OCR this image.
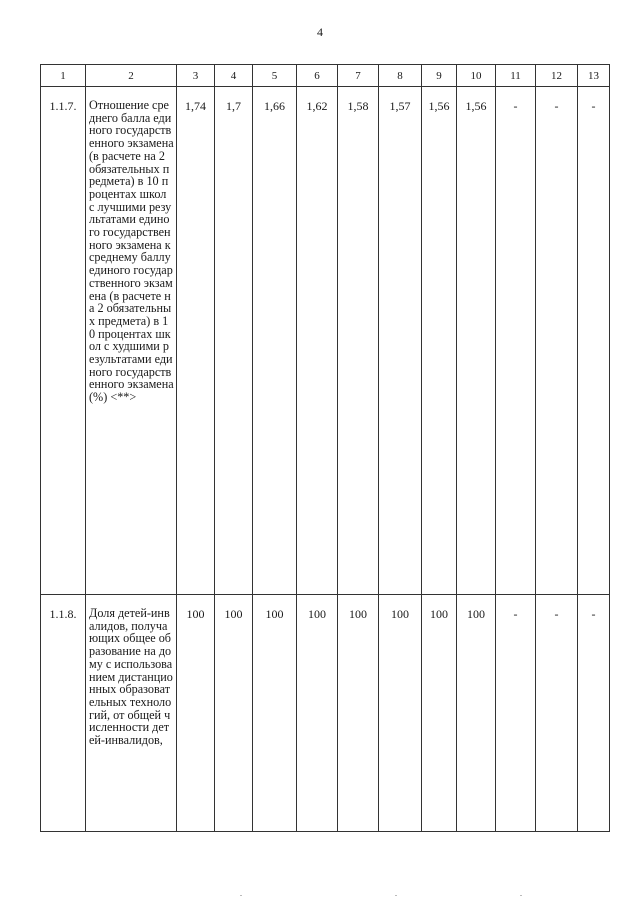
4
1	2	3	4	5	6	7	8	9	10	11	12	13
1.1.7.	Отношение среднего балла единого государственного экзамена (в расчете на 2 обязательных предмета) в 10 процентах школ с лучшими результатами единого государственного экзамена к среднему баллу единого государственного экзамена (в расчете на 2 обязательных предмета) в 10 процентах школ с худшими результатами единого государственного экзамена (%) <**>	1,74	1,7	1,66	1,62	1,58	1,57	1,56	1,56	-	-	-
1.1.8.	Доля детей-инвалидов, получающих общее образование на дому с использованием дистанционных образовательных технологий, от общей численности детей-инвалидов,	100	100	100	100	100	100	100	100	-	-	-
